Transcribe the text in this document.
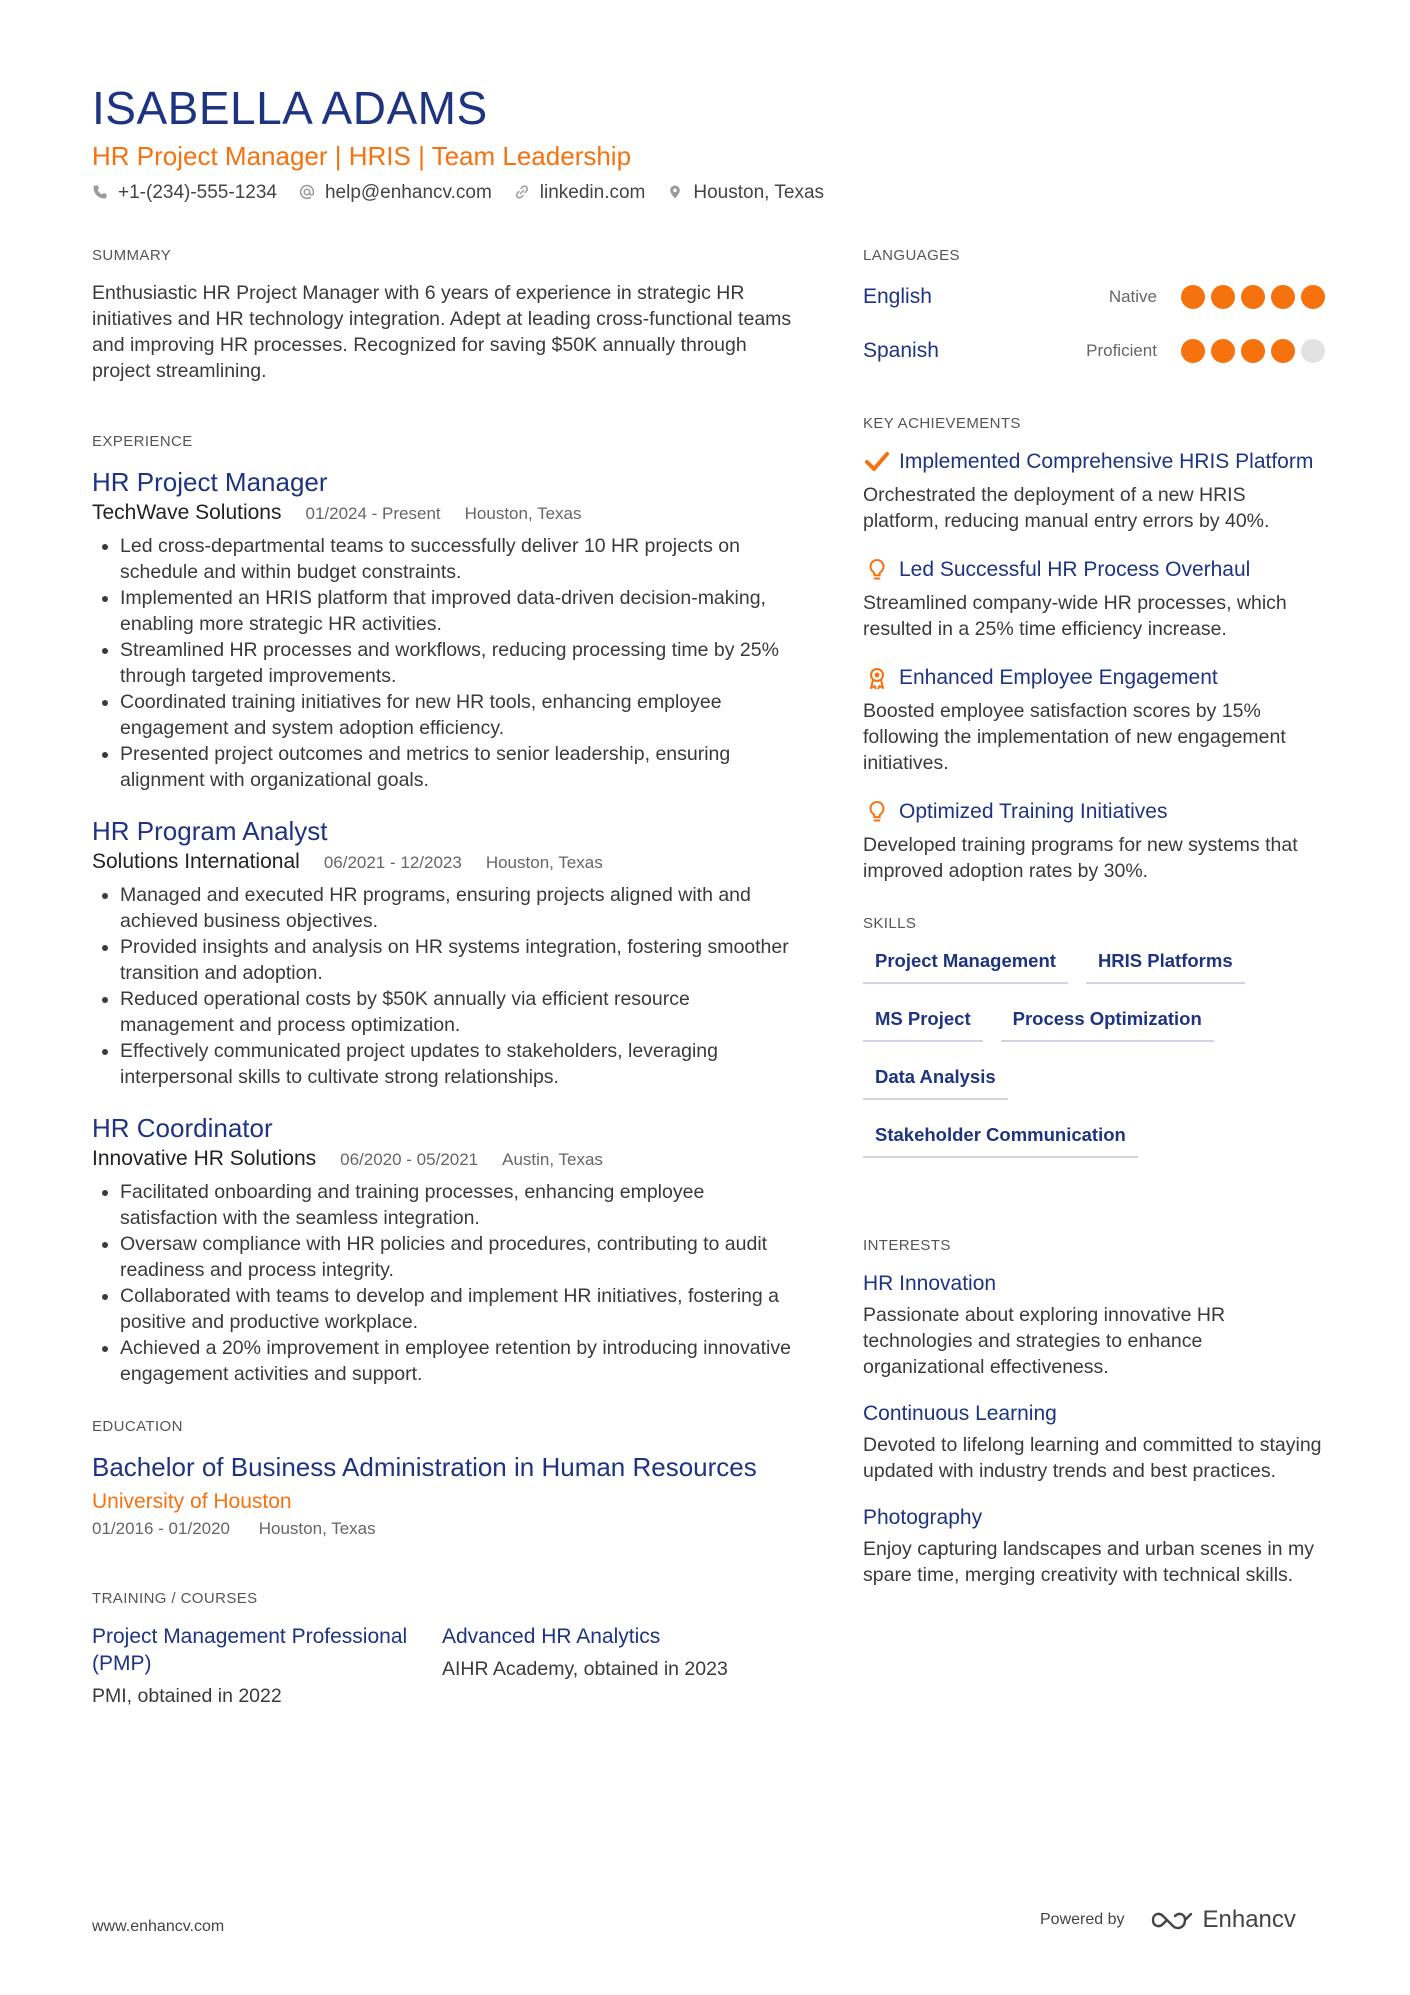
ISABELLA ADAMS
HR Project Manager | HRIS | Team Leadership
+1-(234)-555-1234	help@enhancv.com	linkedin.com	Houston, Texas
SUMMARY

Enthusiastic HR Project Manager with 6 years of experience in strategic HR initiatives and HR technology integration. Adept at leading cross-functional teams and improving HR processes. Recognized for saving $50K annually through project streamlining.

EXPERIENCE
HR Project Manager
TechWave Solutions 01/2024 - Present Houston, Texas
• Led cross-departmental teams to successfully deliver 10 HR projects on schedule and within budget constraints.
• Implemented an HRIS platform that improved data-driven decision-making, enabling more strategic HR activities.
• Streamlined HR processes and workflows, reducing processing time by 25% through targeted improvements.
• Coordinated training initiatives for new HR tools, enhancing employee engagement and system adoption efficiency.
• Presented project outcomes and metrics to senior leadership, ensuring alignment with organizational goals.
HR Program Analyst
Solutions International 06/2021 - 12/2023 Houston, Texas
• Managed and executed HR programs, ensuring projects aligned with and achieved business objectives.
• Provided insights and analysis on HR systems integration, fostering smoother transition and adoption.
• Reduced operational costs by $50K annually via efficient resource management and process optimization.
• Effectively communicated project updates to stakeholders, leveraging interpersonal skills to cultivate strong relationships.
HR Coordinator
Innovative HR Solutions 06/2020 - 05/2021 Austin, Texas
• Facilitated onboarding and training processes, enhancing employee satisfaction with the seamless integration.
• Oversaw compliance with HR policies and procedures, contributing to audit readiness and process integrity.
• Collaborated with teams to develop and implement HR initiatives, fostering a positive and productive workplace.
• Achieved a 20% improvement in employee retention by introducing innovative engagement activities and support.
EDUCATION
Bachelor of Business Administration in Human Resources
University of Houston
01/2016 - 01/2020 Houston, Texas
TRAINING / COURSES
Project Management Professional (PMP)
PMI, obtained in 2022
Advanced HR Analytics
AIHR Academy, obtained in 2023
LANGUAGES
English	Native
Spanish	Proficient
KEY ACHIEVEMENTS
Implemented Comprehensive HRIS Platform
Orchestrated the deployment of a new HRIS platform, reducing manual entry errors by 40%.
Led Successful HR Process Overhaul
Streamlined company-wide HR processes, which resulted in a 25% time efficiency increase.
Enhanced Employee Engagement
Boosted employee satisfaction scores by 15% following the implementation of new engagement initiatives.
Optimized Training Initiatives
Developed training programs for new systems that improved adoption rates by 30%.
SKILLS
Project Management	HRIS Platforms
MS Project	Process Optimization
Data Analysis
Stakeholder Communication
INTERESTS
HR Innovation
Passionate about exploring innovative HR technologies and strategies to enhance organizational effectiveness.
Continuous Learning
Devoted to lifelong learning and committed to staying updated with industry trends and best practices.
Photography
Enjoy capturing landscapes and urban scenes in my spare time, merging creativity with technical skills.
www.enhancv.com	Powered by	Enhancv
